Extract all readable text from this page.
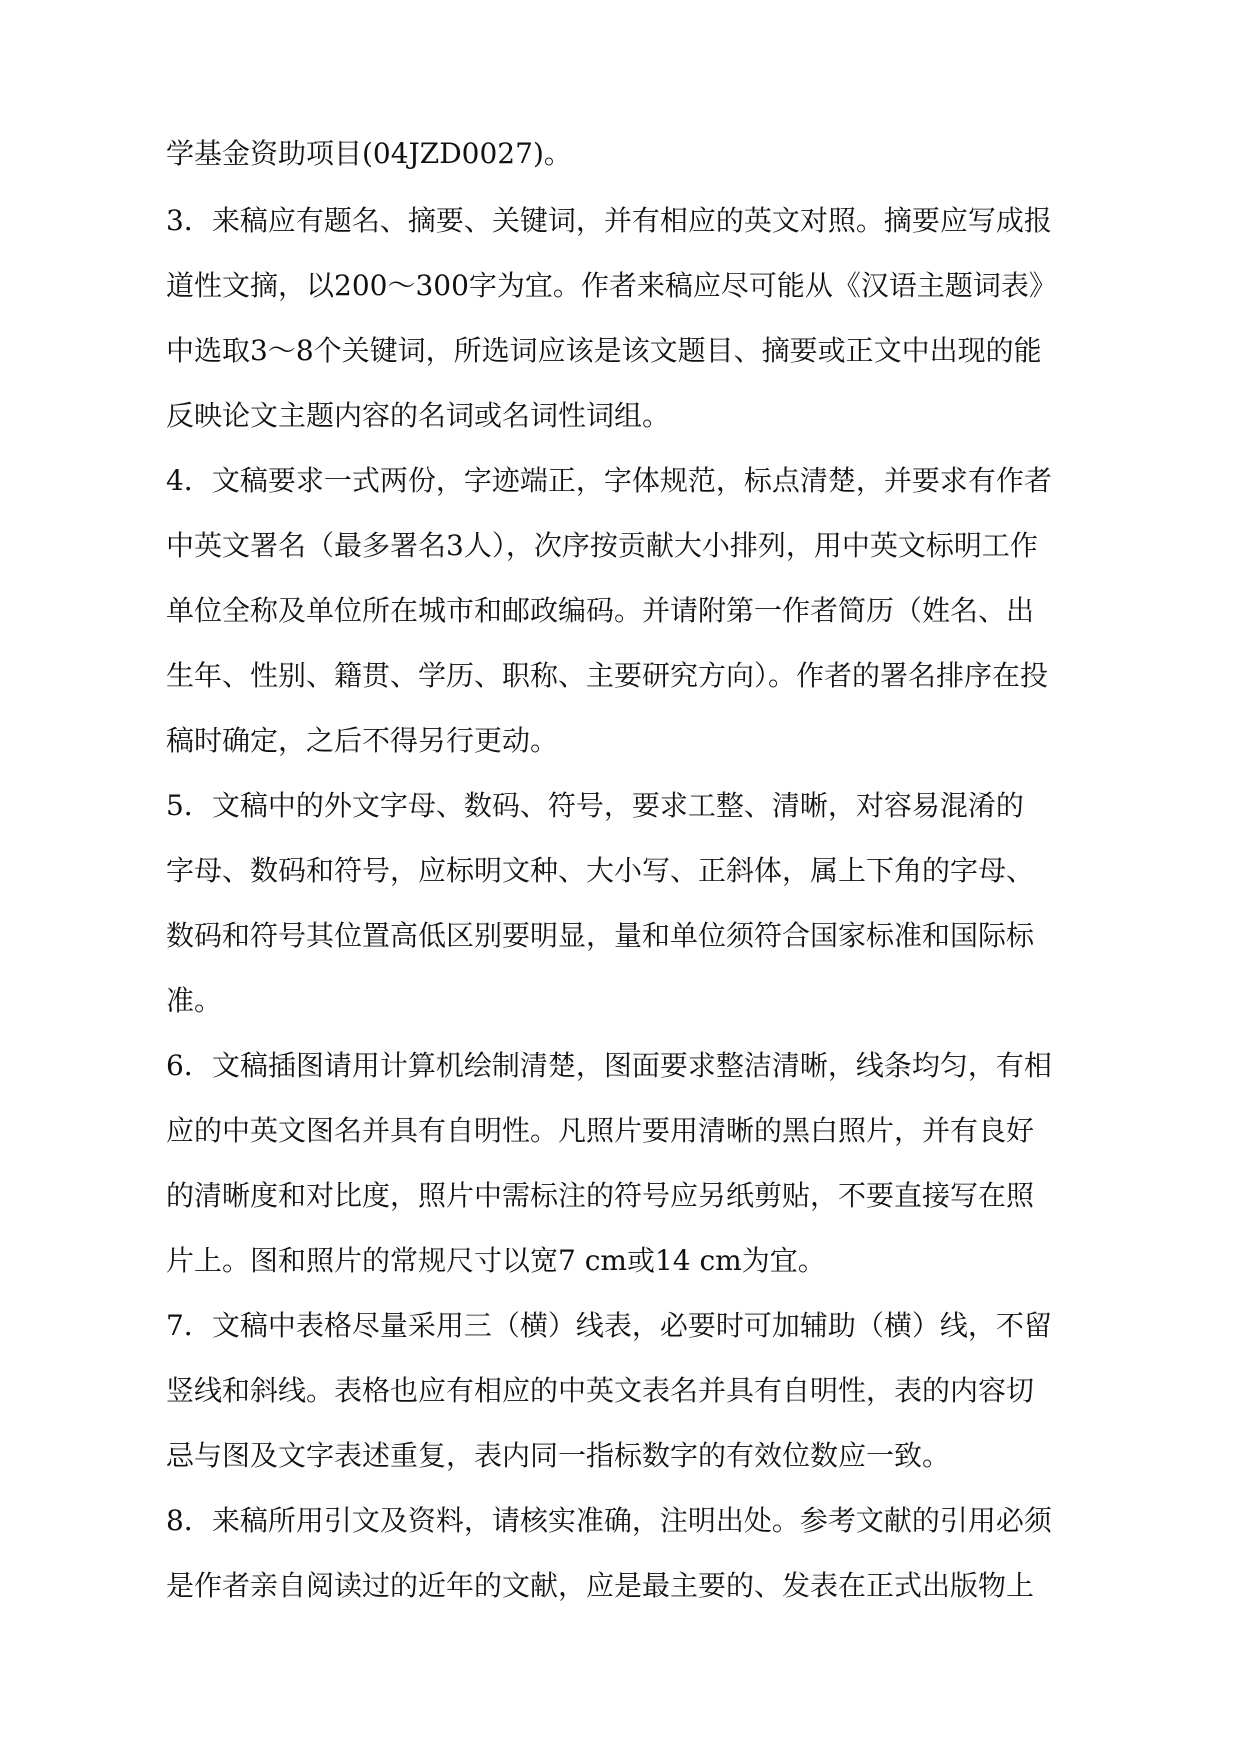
学基金资助项目(04JZD0027)。
3．来稿应有题名、摘要、关键词，并有相应的英文对照。摘要应写成报
道性文摘，以200～300字为宜。作者来稿应尽可能从《汉语主题词表》
中选取3～8个关键词，所选词应该是该文题目、摘要或正文中出现的能
反映论文主题内容的名词或名词性词组。
4．文稿要求一式两份，字迹端正，字体规范，标点清楚，并要求有作者
中英文署名（最多署名3人），次序按贡献大小排列，用中英文标明工作
单位全称及单位所在城市和邮政编码。并请附第一作者简历（姓名、出
生年、性别、籍贯、学历、职称、主要研究方向）。作者的署名排序在投
稿时确定，之后不得另行更动。
5．文稿中的外文字母、数码、符号，要求工整、清晰，对容易混淆的
字母、数码和符号，应标明文种、大小写、正斜体，属上下角的字母、
数码和符号其位置高低区别要明显，量和单位须符合国家标准和国际标
准。
6．文稿插图请用计算机绘制清楚，图面要求整洁清晰，线条均匀，有相
应的中英文图名并具有自明性。凡照片要用清晰的黑白照片，并有良好
的清晰度和对比度，照片中需标注的符号应另纸剪贴，不要直接写在照
片上。图和照片的常规尺寸以宽7 cm或14 cm为宜。
7．文稿中表格尽量采用三（横）线表，必要时可加辅助（横）线，不留
竖线和斜线。表格也应有相应的中英文表名并具有自明性，表的内容切
忌与图及文字表述重复，表内同一指标数字的有效位数应一致。
8．来稿所用引文及资料，请核实准确，注明出处。参考文献的引用必须
是作者亲自阅读过的近年的文献，应是最主要的、发表在正式出版物上
